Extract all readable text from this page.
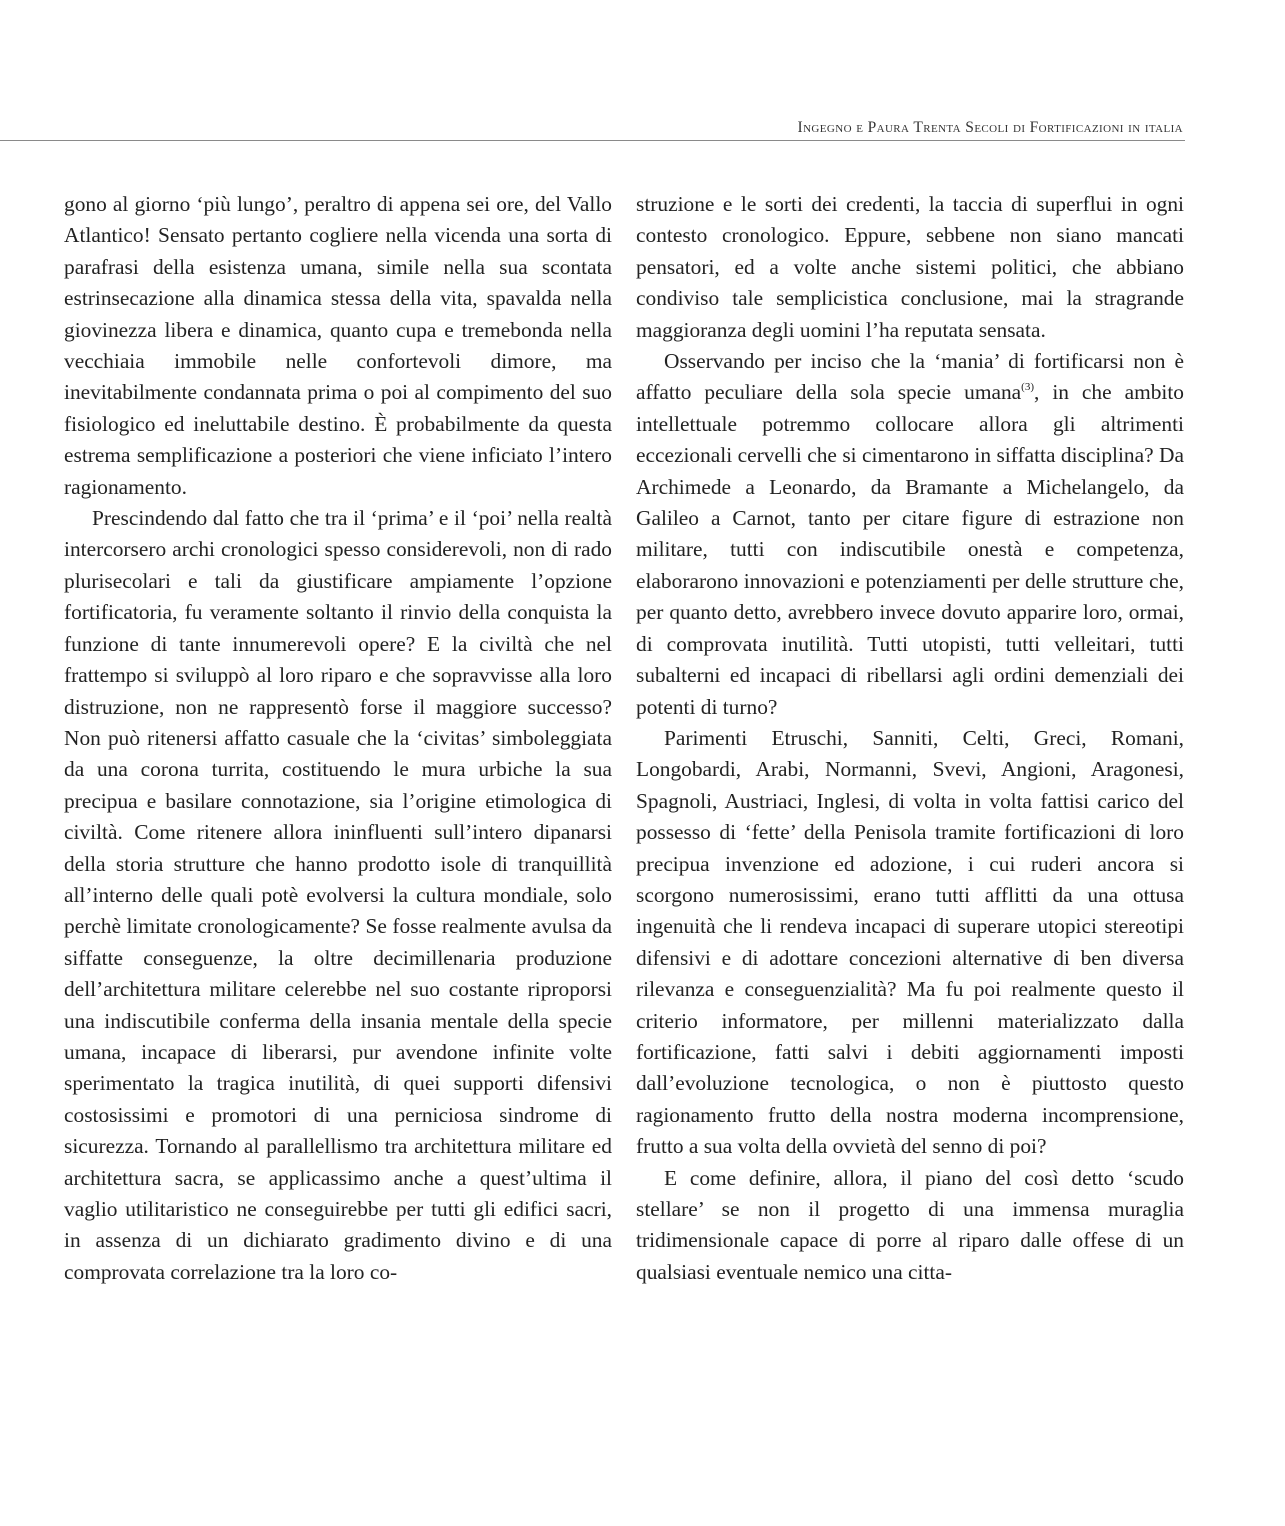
Ingegno e Paura Trenta Secoli di Fortificazioni in italia

gono al giorno ‘più lungo’, peraltro di appena sei ore, del Vallo Atlantico! Sensato pertanto cogliere nella vicenda una sorta di parafrasi della esistenza umana, simile nella sua scontata estrinsecazione alla dinamica stessa della vita, spavalda nella giovinezza libera e dinamica, quanto cupa e tremebonda nella vecchiaia immobile nelle confortevoli dimore, ma inevitabilmente condannata prima o poi al compimento del suo fisiologico ed ineluttabile destino. È probabilmente da questa estrema semplificazione a posteriori che viene inficiato l’intero ragionamento.

Prescindendo dal fatto che tra il ‘prima’ e il ‘poi’ nella realtà intercorsero archi cronologici spesso considerevoli, non di rado plurisecolari e tali da giustificare ampiamente l’opzione fortificatoria, fu veramente soltanto il rinvio della conquista la funzione di tante innumerevoli opere? E la civiltà che nel frattempo si sviluppò al loro riparo e che sopravvisse alla loro distruzione, non ne rappresentò forse il maggiore successo? Non può ritenersi affatto casuale che la ‘civitas’ simboleggiata da una corona turrita, costituendo le mura urbiche la sua precipua e basilare connotazione, sia l’origine etimologica di civiltà. Come ritenere allora ininfluenti sull’intero dipanarsi della storia strutture che hanno prodotto isole di tranquillità all’interno delle quali potè evolversi la cultura mondiale, solo perchè limitate cronologicamente? Se fosse realmente avulsa da siffatte conseguenze, la oltre decimillenaria produzione dell’architettura militare celerebbe nel suo costante riproporsi una indiscutibile conferma della insania mentale della specie umana, incapace di liberarsi, pur avendone infinite volte sperimentato la tragica inutilità, di quei supporti difensivi costosissimi e promotori di una perniciosa sindrome di sicurezza. Tornando al parallellismo tra architettura militare ed architettura sacra, se applicassimo anche a quest’ultima il vaglio utilitaristico ne conseguirebbe per tutti gli edifici sacri, in assenza di un dichiarato gradimento divino e di una comprovata correlazione tra la loro co-

struzione e le sorti dei credenti, la taccia di superflui in ogni contesto cronologico. Eppure, sebbene non siano mancati pensatori, ed a volte anche sistemi politici, che abbiano condiviso tale semplicistica conclusione, mai la stragrande maggioranza degli uomini l’ha reputata sensata.

Osservando per inciso che la ‘mania’ di fortificarsi non è affatto peculiare della sola specie umana$^{(3)}$, in che ambito intellettuale potremmo collocare allora gli altrimenti eccezionali cervelli che si cimentarono in siffatta disciplina? Da Archimede a Leonardo, da Bramante a Michelangelo, da Galileo a Carnot, tanto per citare figure di estrazione non militare, tutti con indiscutibile onestà e competenza, elaborarono innovazioni e potenziamenti per delle strutture che, per quanto detto, avrebbero invece dovuto apparire loro, ormai, di comprovata inutilità. Tutti utopisti, tutti velleitari, tutti subalterni ed incapaci di ribellarsi agli ordini demenziali dei potenti di turno?

Parimenti Etruschi, Sanniti, Celti, Greci, Romani, Longobardi, Arabi, Normanni, Svevi, Angioni, Aragonesi, Spagnoli, Austriaci, Inglesi, di volta in volta fattisi carico del possesso di ‘fette’ della Penisola tramite fortificazioni di loro precipua invenzione ed adozione, i cui ruderi ancora si scorgono numerosissimi, erano tutti afflitti da una ottusa ingenuità che li rendeva incapaci di superare utopici stereotipi difensivi e di adottare concezioni alternative di ben diversa rilevanza e conseguenzialità? Ma fu poi realmente questo il criterio informatore, per millenni materializzato dalla fortificazione, fatti salvi i debiti aggiornamenti imposti dall’evoluzione tecnologica, o non è piuttosto questo ragionamento frutto della nostra moderna incomprensione, frutto a sua volta della ovvietà del senno di poi?

E come definire, allora, il piano del così detto ‘scudo stellare’ se non il progetto di una immensa muraglia tridimensionale capace di porre al riparo dalle offese di un qualsiasi eventuale nemico una citta-
